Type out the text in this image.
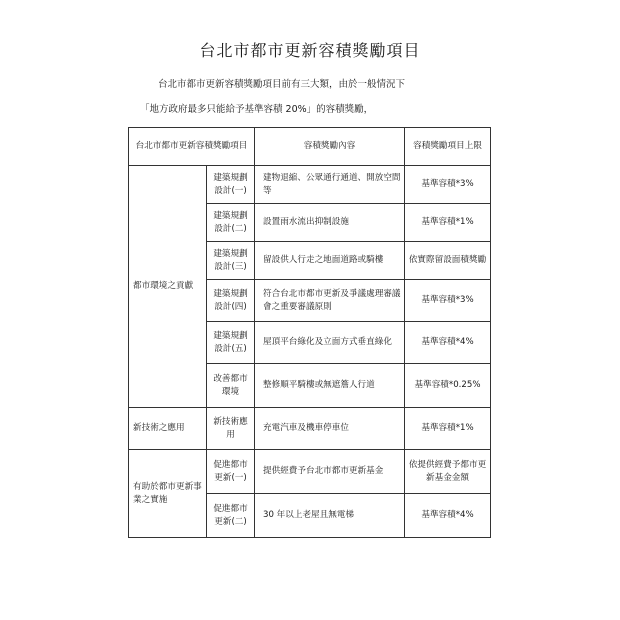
台北市都市更新容積獎勵項目
台北市都市更新容積獎勵項目前有三大類，由於一般情況下
「地方政府最多只能給予基準容積 20%」的容積獎勵，
台北市都市更新容積獎勵項目		容積獎勵內容	容積獎勵項目上限
都市環境之貢獻	建築規劃設計(一)	建物退縮、公眾通行通道、開放空間等	基準容積*3%
	建築規劃設計(二)	設置雨水流出抑制設施	基準容積*1%
	建築規劃設計(三)	留設供人行走之地面道路或騎樓	依實際留設面積獎勵
	建築規劃設計(四)	符合台北市都市更新及爭議處理審議會之重要審議原則	基準容積*3%
	建築規劃設計(五)	屋頂平台綠化及立面方式垂直綠化	基準容積*4%
	改善都市環境	整修順平騎樓或無遮簷人行道	基準容積*0.25%
新技術之應用	新技術應用	充電汽車及機車停車位	基準容積*1%
有助於都市更新事業之實施	促進都市更新(一)	提供經費予台北市都市更新基金	依提供經費予都市更新基金金額
	促進都市更新(二)	30 年以上老屋且無電梯	基準容積*4%
